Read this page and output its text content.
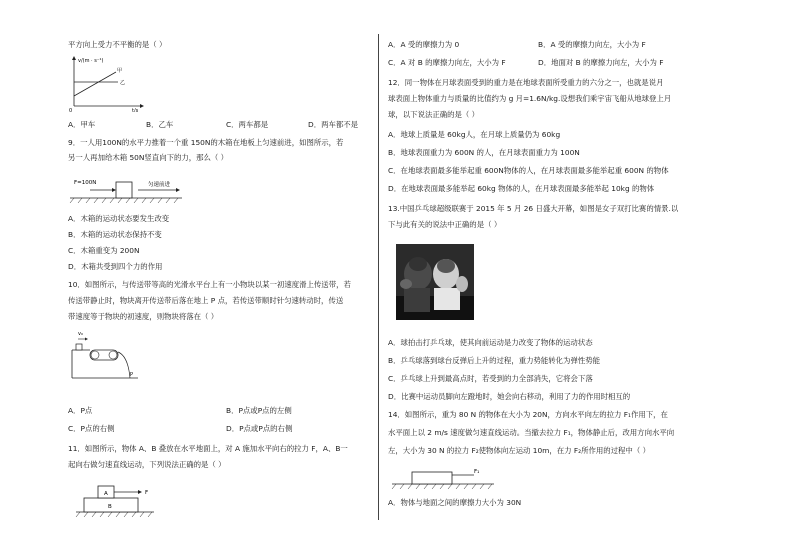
平方向上受力不平衡的是（ ）
v/(m · s⁻¹)
t/s
0
甲
乙
A．甲车	B．乙车	C．两车都是	D．两车都不是
9．一人用100N的水平力推着一个重 150N的木箱在地板上匀速前进，如图所示，若
另一人再加给木箱 50N竖直向下的力，那么（ ）
F=100N	匀速前进
A．木箱的运动状态要发生改变
B．木箱的运动状态保持不变
C．木箱重变为 200N
D．木箱共受到四个力的作用
10．如图所示，与传送带等高的光滑水平台上有一小物块以某一初速度滑上传送带，若
传送带静止时，物块离开传送带后落在地上 P 点，若传送带顺时针匀速转动时，传送
带速度等于物块的初速度，则物块将落在（ ）
v₀
P
A．P点	B．P点或P点的左侧
C．P点的右侧	D．P点或P点的右侧
11．如图所示，物体 A、B 叠放在水平地面上，对 A 施加水平向右的拉力 F，A、B一
起向右做匀速直线运动，下列说法正确的是（ ）
A
B
F
A．A 受的摩擦力为 0	B．A 受的摩擦力向左，大小为 F
C．A 对 B 的摩擦力向左，大小为 F	D．地面对 B 的摩擦力向左，大小为 F
12．同一物体在月球表面受到的重力是在地球表面所受重力的六分之一，也就是说月
球表面上物体重力与质量的比值约为 g 月=1.6N/kg.设想我们乘宇宙飞船从地球登上月
球，以下说法正确的是（ ）
A．地球上质量是 60kg人，在月球上质量仍为 60kg
B．地球表面重力为 600N 的人，在月球表面重力为 100N
C．在地球表面最多能举起重 600N物体的人，在月球表面最多能举起重 600N 的物体
D．在地球表面最多能举起 60kg 物体的人，在月球表面最多能举起 10kg 的物体
13.中国乒乓球超级联赛于 2015 年 5 月 26 日盛大开幕，如图是女子双打比赛的情景.以
下与此有关的说法中正确的是（ ）
A．球拍击打乒乓球，使其向前运动是力改变了物体的运动状态
B．乒乓球落到球台反弹后上升的过程，重力势能转化为弹性势能
C．乒乓球上升到最高点时，若受到的力全部消失，它将会下落
D．比赛中运动员脚向左蹬地时，她会向右移动，利用了力的作用时相互的
14．如图所示，重为 80 N 的物体在大小为 20N，方向水平向左的拉力 F₁作用下，在
水平面上以 2 m/s 速度做匀速直线运动。当撤去拉力 F₁，物体静止后，改用方向水平向
左，大小为 30 N 的拉力 F₂使物体向左运动 10m，在力 F₂所作用的过程中（ ）
F₁
A．物体与地面之间的摩擦力大小为 30N
